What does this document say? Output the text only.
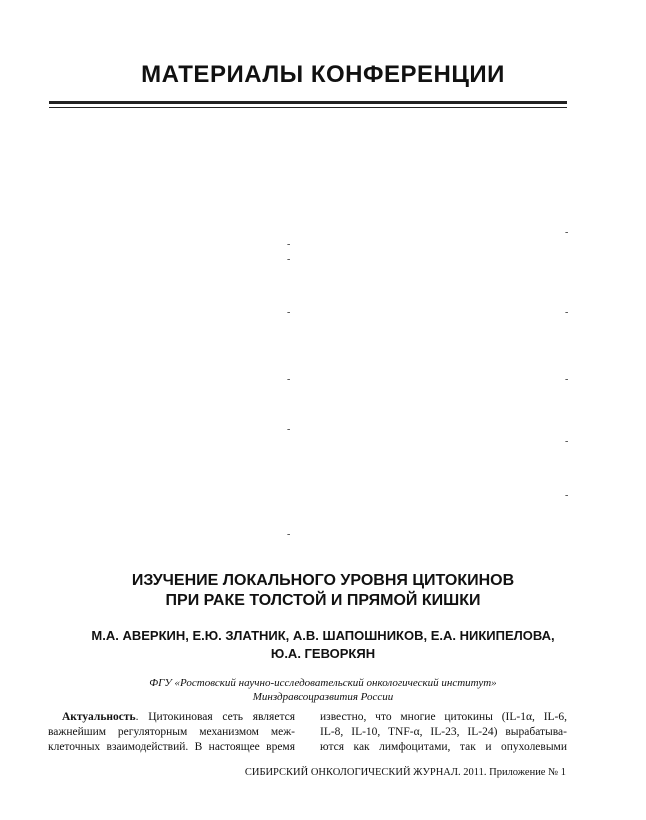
МАТЕРИАЛЫ КОНФЕРЕНЦИИ
-
-
-
-	-
-	-
-
-
-
-
ИЗУЧЕНИЕ ЛОКАЛЬНОГО УРОВНЯ ЦИТОКИНОВ
ПРИ РАКЕ ТОЛСТОЙ И ПРЯМОЙ КИШКИ
М.А. АВЕРКИН, Е.Ю. ЗЛАТНИК, А.В. ШАПОШНИКОВ, Е.А. НИКИПЕЛОВА,
Ю.А. ГЕВОРКЯН
ФГУ «Ростовский научно-исследовательский онкологический институт»
Минздравсоцразвития России
Актуальность. Цитокиновая сеть является
важнейшим регуляторным механизмом меж-
клеточных взаимодействий. В настоящее время
известно, что многие цитокины (IL-1α, IL-6,
IL-8, IL-10, TNF-α, IL-23, IL-24) вырабатыва-
ются как лимфоцитами, так и опухолевыми
СИБИРСКИЙ ОНКОЛОГИЧЕСКИЙ ЖУРНАЛ. 2011. Приложение № 1
